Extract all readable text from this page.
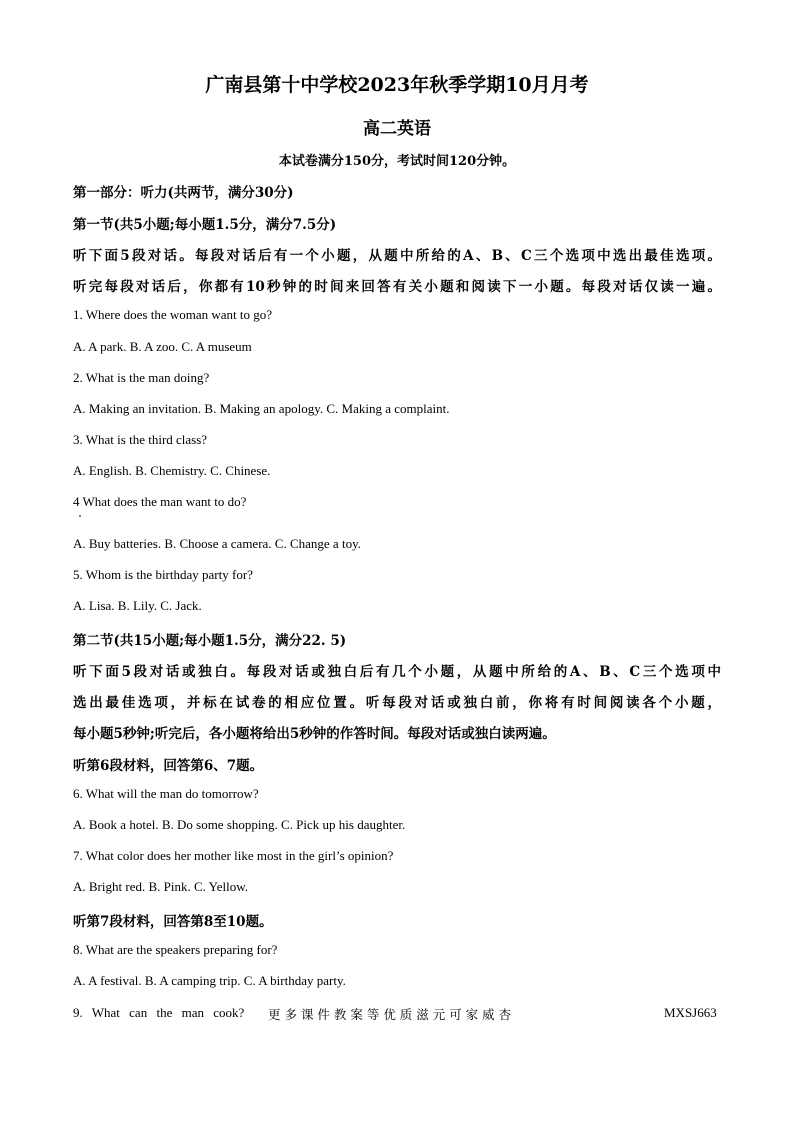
广南县第十中学校2023年秋季学期10月月考
高二英语
本试卷满分150分，考试时间120分钟。
第一部分：听力(共两节，满分30分)
第一节(共5小题;每小题1.5分，满分7.5分)
听下面5段对话。每段对话后有一个小题，从题中所给的A、B、C三个选项中选出最佳选项。
听完每段对话后，你都有10秒钟的时间来回答有关小题和阅读下一小题。每段对话仅读一遍。
1. Where does the woman want to go?
A. A park. B. A zoo. C. A museum
2. What is the man doing?
A. Making an invitation. B. Making an apology. C. Making a complaint.
3. What is the third class?
A. English. B. Chemistry. C. Chinese.
4 What does the man want to do?
A. Buy batteries. B. Choose a camera. C. Change a toy.
5. Whom is the birthday party for?
A. Lisa. B. Lily. C. Jack.
第二节(共15小题;每小题1.5分，满分22. 5)
听下面5段对话或独白。每段对话或独白后有几个小题，从题中所给的A、B、C三个选项中
选出最佳选项，并标在试卷的相应位置。听每段对话或独白前，你将有时间阅读各个小题，
每小题5秒钟;听完后，各小题将给出5秒钟的作答时间。每段对话或独白读两遍。
听第6段材料，回答第6、7题。
6. What will the man do tomorrow?
A. Book a hotel. B. Do some shopping. C. Pick up his daughter.
7. What color does her mother like most in the girl’s opinion?
A. Bright red. B. Pink. C. Yellow.
听第7段材料，回答第8至10题。
8. What are the speakers preparing for?
A. A festival. B. A camping trip. C. A birthday party.
9. What can the man cook? 更 多 课 件 教 案 等 优 质 滋 元 可 家 威 杏	MXSJ663
